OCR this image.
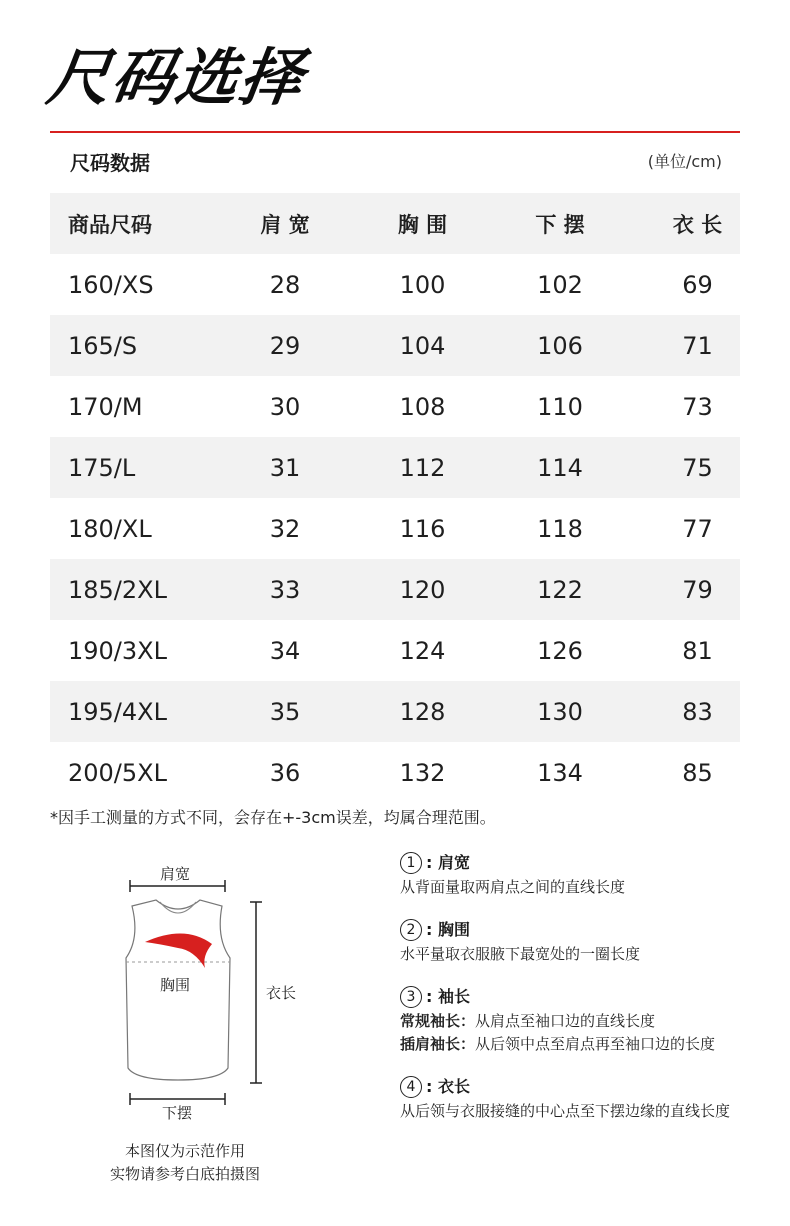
尺码选择
尺码数据	(单位/cm)
商品尺码	肩 宽	胸 围	下 摆	衣 长
160/XS	28	100	102	69
165/S	29	104	106	71
170/M	30	108	110	73
175/L	31	112	114	75
180/XL	32	116	118	77
185/2XL	33	120	122	79
190/3XL	34	124	126	81
195/4XL	35	128	130	83
200/5XL	36	132	134	85
*因手工测量的方式不同，会存在+-3cm误差，均属合理范围。
肩宽
胸围	衣长
下摆
本图仅为示范作用
实物请参考白底拍摄图
1 : 肩宽
从背面量取两肩点之间的直线长度
2 : 胸围
水平量取衣服腋下最宽处的一圈长度
3 : 袖长
常规袖长： 从肩点至袖口边的直线长度
插肩袖长： 从后领中点至肩点再至袖口边的长度
4 : 衣长
从后领与衣服接缝的中心点至下摆边缘的直线长度
